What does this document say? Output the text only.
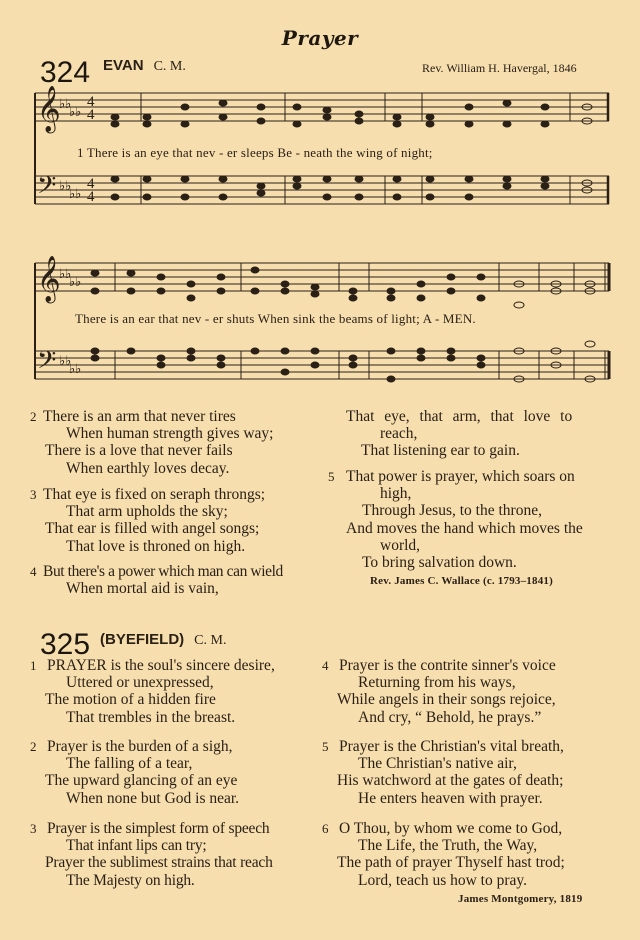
Prayer
324 EVAN C. M.	Rev. William H. Havergal, 1846
𝄞
𝄢
♭♭
♭♭
♭♭
♭♭
4
4
4
4
1 There is an eye that nev - er sleeps Be - neath the wing of night;
𝄞
𝄢
♭♭
♭♭
♭♭
♭♭
There is an ear that nev - er shuts When sink the beams of light; A - MEN.
2 There is an arm that never tires
When human strength gives way;
There is a love that never fails
When earthly loves decay.
3 That eye is fixed on seraph throngs;
That arm upholds the sky;
That ear is filled with angel songs;
That love is throned on high.
4 But there's a power which man can wield
When mortal aid is vain,
That eye, that arm, that love to
reach,
That listening ear to gain.
5 That power is prayer, which soars on
high,
Through Jesus, to the throne,
And moves the hand which moves the
world,
To bring salvation down.
Rev. James C. Wallace (c. 1793–1841)
325 (BYEFIELD) C. M.
1 PRAYER is the soul's sincere desire,
Uttered or unexpressed,
The motion of a hidden fire
That trembles in the breast.
2 Prayer is the burden of a sigh,
The falling of a tear,
The upward glancing of an eye
When none but God is near.
3 Prayer is the simplest form of speech
That infant lips can try;
Prayer the sublimest strains that reach
The Majesty on high.
4 Prayer is the contrite sinner's voice
Returning from his ways,
While angels in their songs rejoice,
And cry, “ Behold, he prays.”
5 Prayer is the Christian's vital breath,
The Christian's native air,
His watchword at the gates of death;
He enters heaven with prayer.
6 O Thou, by whom we come to God,
The Life, the Truth, the Way,
The path of prayer Thyself hast trod;
Lord, teach us how to pray.
James Montgomery, 1819
